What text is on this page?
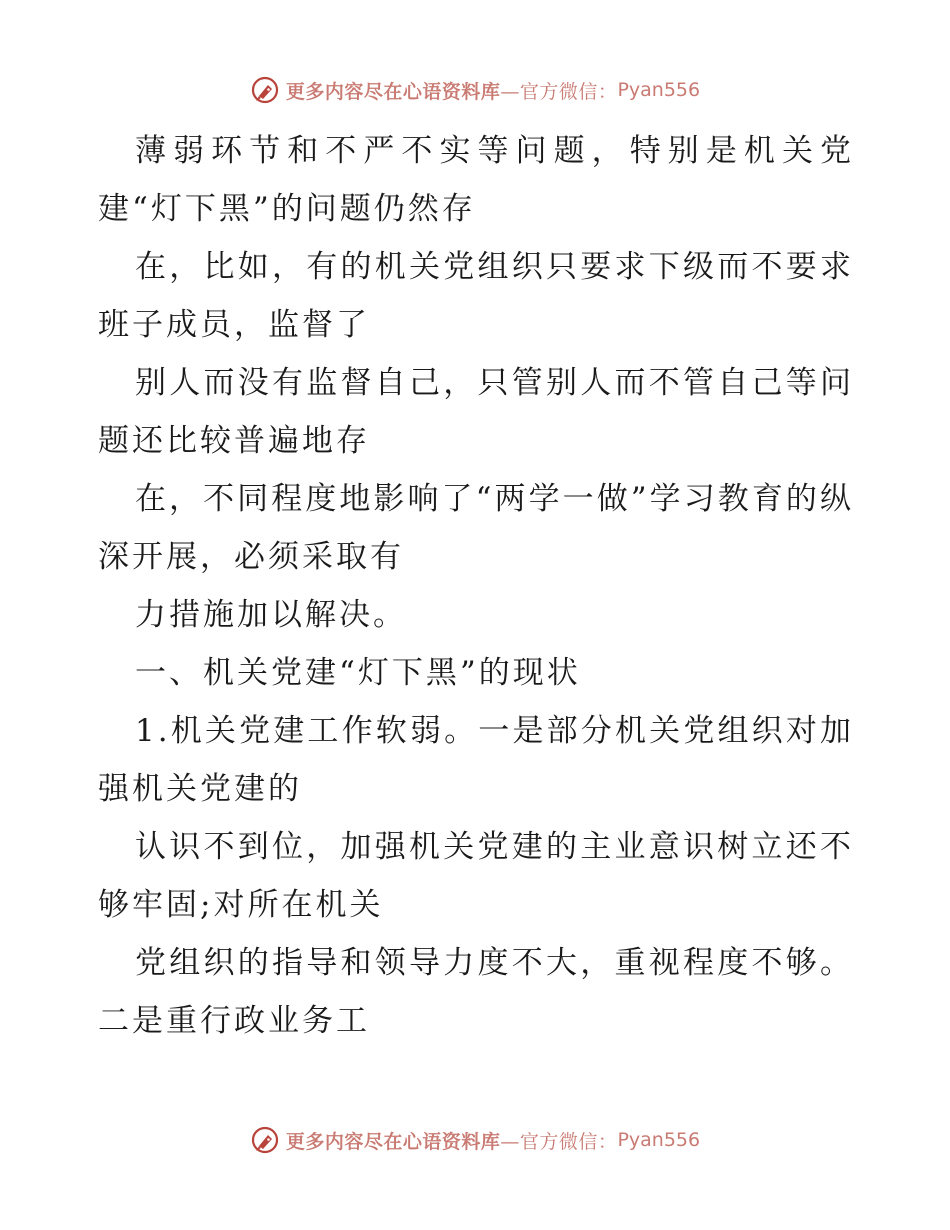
更多内容尽在心语资料库 —官方微信： Pyan556

薄弱环节和不严不实等问题，特别是机关党建“灯下黑”的问题仍然存

在，比如，有的机关党组织只要求下级而不要求班子成员，监督了

别人而没有监督自己，只管别人而不管自己等问题还比较普遍地存

在，不同程度地影响了“两学一做”学习教育的纵深开展，必须采取有

力措施加以解决。

一、机关党建“灯下黑”的现状

1.机关党建工作软弱。一是部分机关党组织对加强机关党建的

认识不到位，加强机关党建的主业意识树立还不够牢固;对所在机关

党组织的指导和领导力度不大，重视程度不够。二是重行政业务工

更多内容尽在心语资料库 —官方微信： Pyan556
